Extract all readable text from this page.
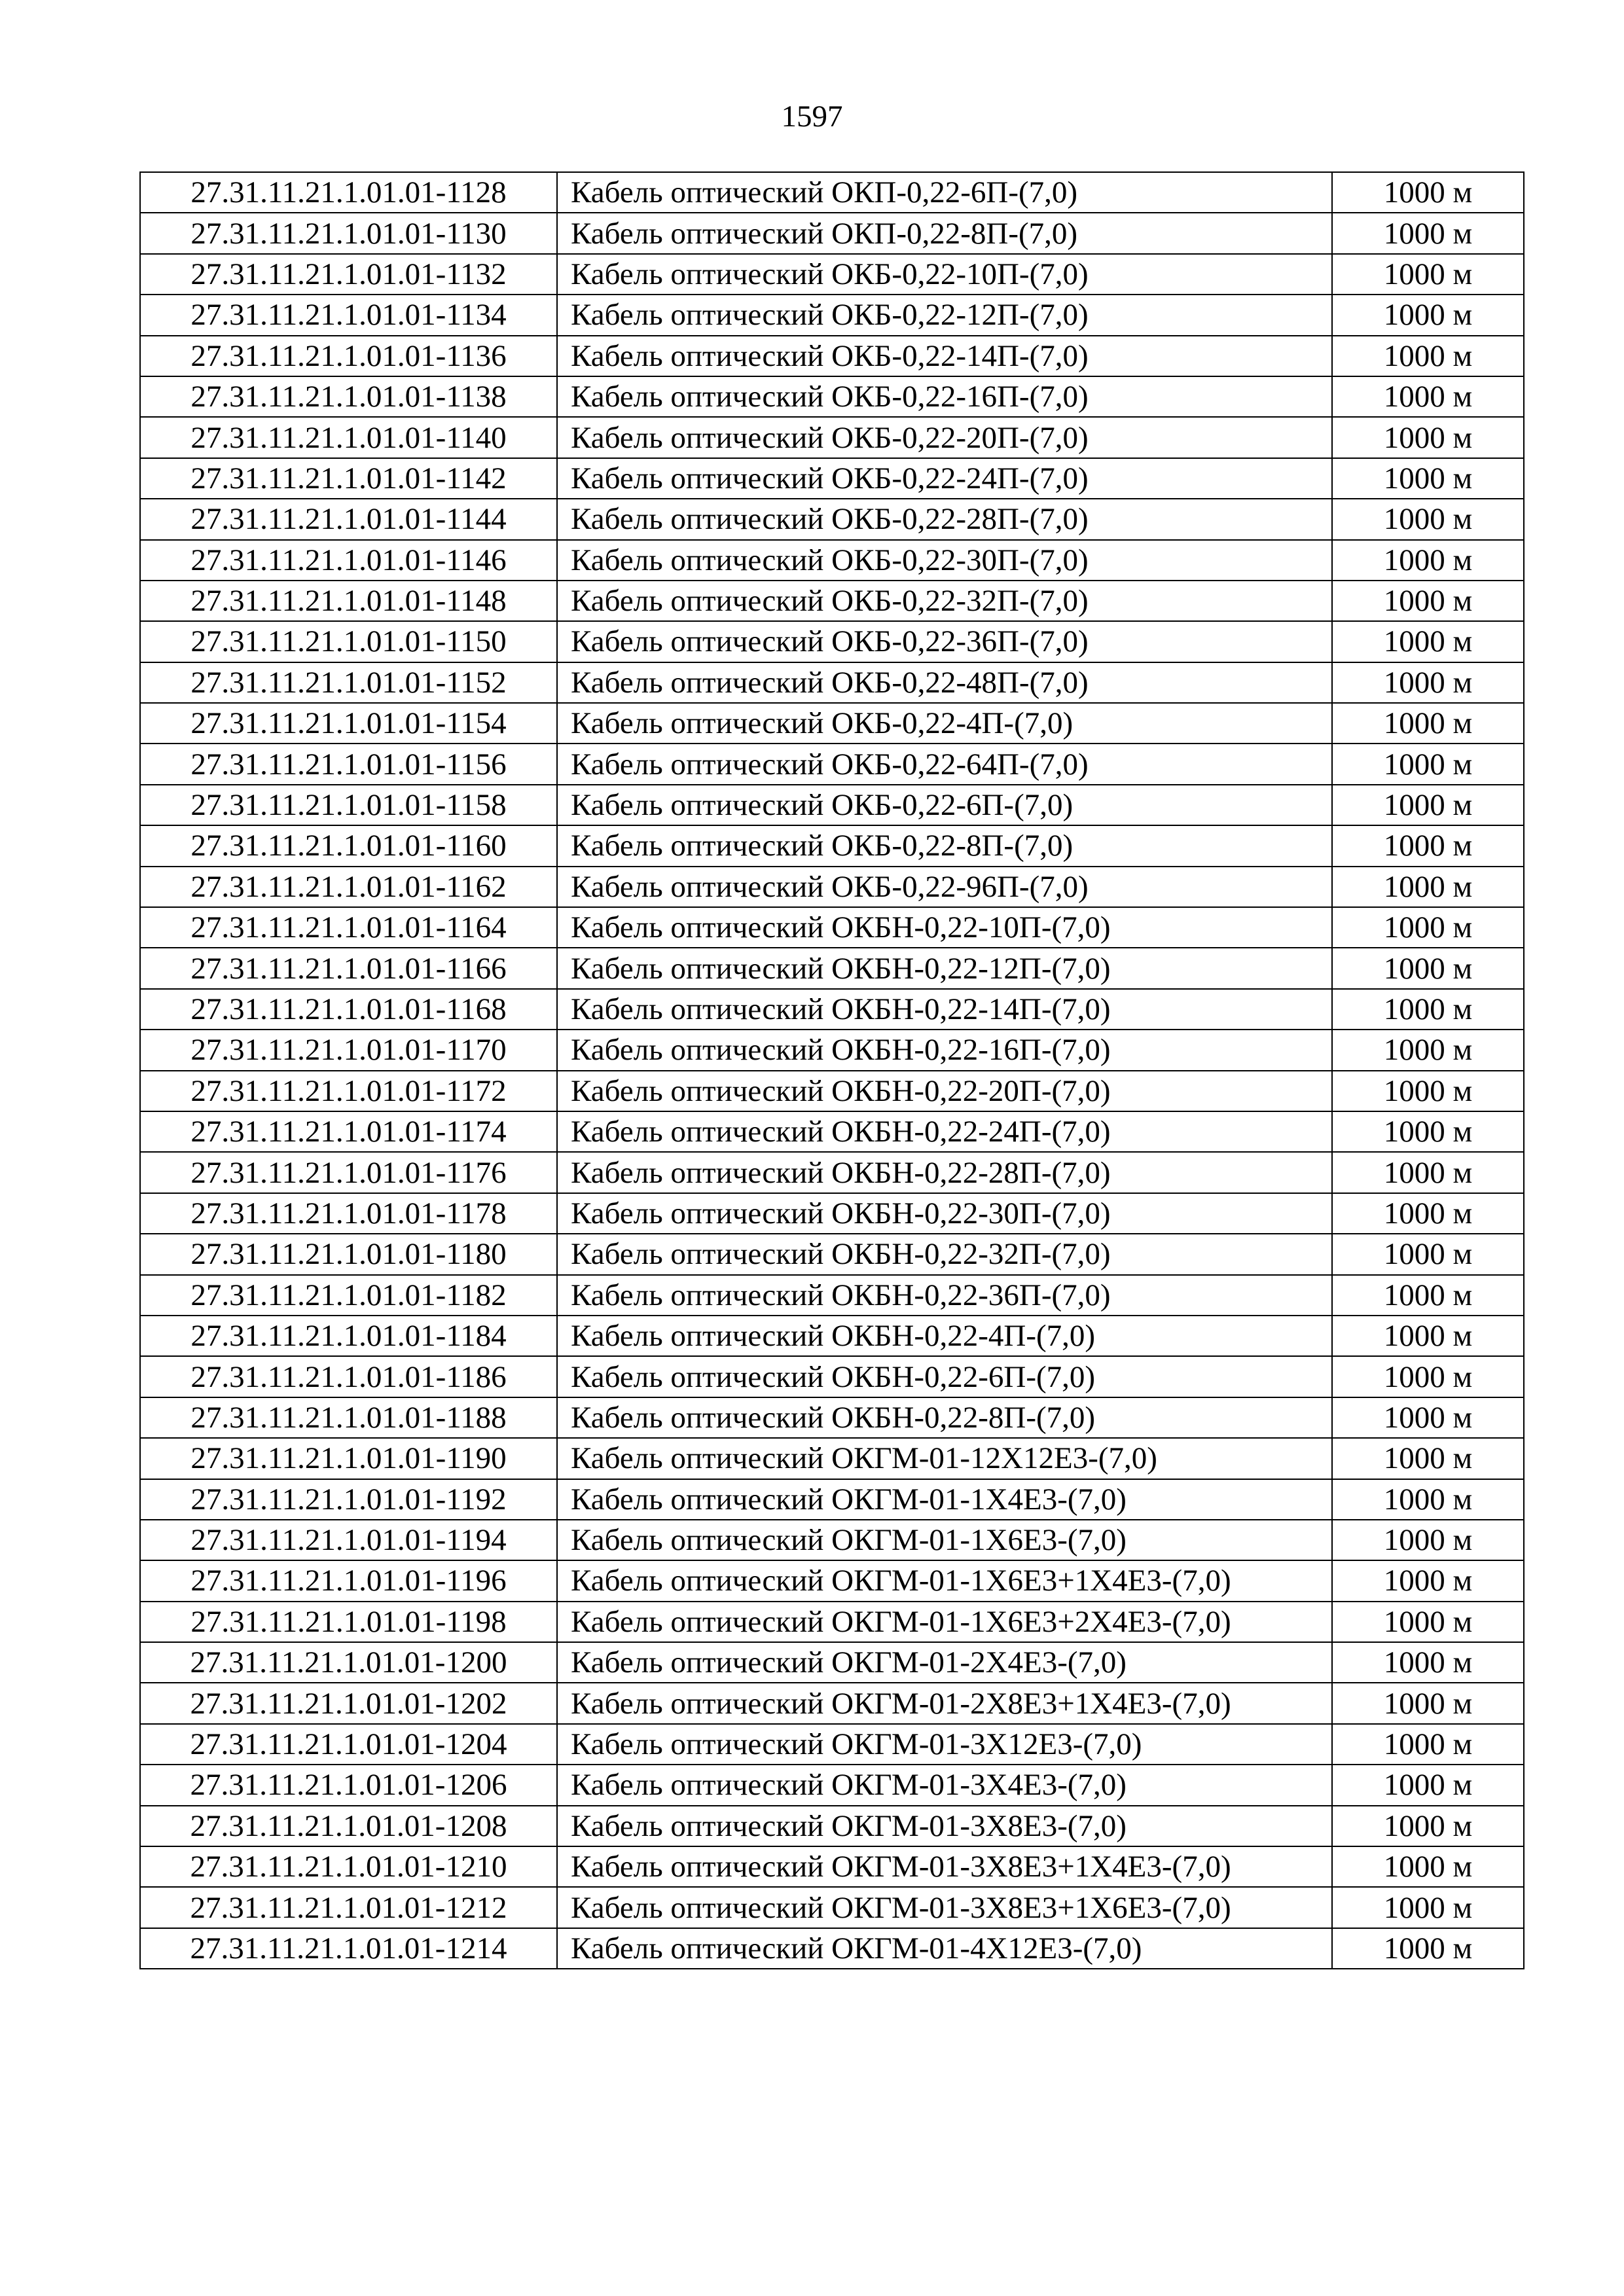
1597
27.31.11.21.1.01.01-1128	Кабель оптический ОКП-0,22-6П-(7,0)	1000 м
27.31.11.21.1.01.01-1130	Кабель оптический ОКП-0,22-8П-(7,0)	1000 м
27.31.11.21.1.01.01-1132	Кабель оптический ОКБ-0,22-10П-(7,0)	1000 м
27.31.11.21.1.01.01-1134	Кабель оптический ОКБ-0,22-12П-(7,0)	1000 м
27.31.11.21.1.01.01-1136	Кабель оптический ОКБ-0,22-14П-(7,0)	1000 м
27.31.11.21.1.01.01-1138	Кабель оптический ОКБ-0,22-16П-(7,0)	1000 м
27.31.11.21.1.01.01-1140	Кабель оптический ОКБ-0,22-20П-(7,0)	1000 м
27.31.11.21.1.01.01-1142	Кабель оптический ОКБ-0,22-24П-(7,0)	1000 м
27.31.11.21.1.01.01-1144	Кабель оптический ОКБ-0,22-28П-(7,0)	1000 м
27.31.11.21.1.01.01-1146	Кабель оптический ОКБ-0,22-30П-(7,0)	1000 м
27.31.11.21.1.01.01-1148	Кабель оптический ОКБ-0,22-32П-(7,0)	1000 м
27.31.11.21.1.01.01-1150	Кабель оптический ОКБ-0,22-36П-(7,0)	1000 м
27.31.11.21.1.01.01-1152	Кабель оптический ОКБ-0,22-48П-(7,0)	1000 м
27.31.11.21.1.01.01-1154	Кабель оптический ОКБ-0,22-4П-(7,0)	1000 м
27.31.11.21.1.01.01-1156	Кабель оптический ОКБ-0,22-64П-(7,0)	1000 м
27.31.11.21.1.01.01-1158	Кабель оптический ОКБ-0,22-6П-(7,0)	1000 м
27.31.11.21.1.01.01-1160	Кабель оптический ОКБ-0,22-8П-(7,0)	1000 м
27.31.11.21.1.01.01-1162	Кабель оптический ОКБ-0,22-96П-(7,0)	1000 м
27.31.11.21.1.01.01-1164	Кабель оптический ОКБН-0,22-10П-(7,0)	1000 м
27.31.11.21.1.01.01-1166	Кабель оптический ОКБН-0,22-12П-(7,0)	1000 м
27.31.11.21.1.01.01-1168	Кабель оптический ОКБН-0,22-14П-(7,0)	1000 м
27.31.11.21.1.01.01-1170	Кабель оптический ОКБН-0,22-16П-(7,0)	1000 м
27.31.11.21.1.01.01-1172	Кабель оптический ОКБН-0,22-20П-(7,0)	1000 м
27.31.11.21.1.01.01-1174	Кабель оптический ОКБН-0,22-24П-(7,0)	1000 м
27.31.11.21.1.01.01-1176	Кабель оптический ОКБН-0,22-28П-(7,0)	1000 м
27.31.11.21.1.01.01-1178	Кабель оптический ОКБН-0,22-30П-(7,0)	1000 м
27.31.11.21.1.01.01-1180	Кабель оптический ОКБН-0,22-32П-(7,0)	1000 м
27.31.11.21.1.01.01-1182	Кабель оптический ОКБН-0,22-36П-(7,0)	1000 м
27.31.11.21.1.01.01-1184	Кабель оптический ОКБН-0,22-4П-(7,0)	1000 м
27.31.11.21.1.01.01-1186	Кабель оптический ОКБН-0,22-6П-(7,0)	1000 м
27.31.11.21.1.01.01-1188	Кабель оптический ОКБН-0,22-8П-(7,0)	1000 м
27.31.11.21.1.01.01-1190	Кабель оптический ОКГМ-01-12Х12Е3-(7,0)	1000 м
27.31.11.21.1.01.01-1192	Кабель оптический ОКГМ-01-1Х4Е3-(7,0)	1000 м
27.31.11.21.1.01.01-1194	Кабель оптический ОКГМ-01-1Х6Е3-(7,0)	1000 м
27.31.11.21.1.01.01-1196	Кабель оптический ОКГМ-01-1Х6Е3+1Х4Е3-(7,0)	1000 м
27.31.11.21.1.01.01-1198	Кабель оптический ОКГМ-01-1Х6Е3+2Х4Е3-(7,0)	1000 м
27.31.11.21.1.01.01-1200	Кабель оптический ОКГМ-01-2Х4Е3-(7,0)	1000 м
27.31.11.21.1.01.01-1202	Кабель оптический ОКГМ-01-2Х8Е3+1Х4Е3-(7,0)	1000 м
27.31.11.21.1.01.01-1204	Кабель оптический ОКГМ-01-3Х12Е3-(7,0)	1000 м
27.31.11.21.1.01.01-1206	Кабель оптический ОКГМ-01-3Х4Е3-(7,0)	1000 м
27.31.11.21.1.01.01-1208	Кабель оптический ОКГМ-01-3Х8Е3-(7,0)	1000 м
27.31.11.21.1.01.01-1210	Кабель оптический ОКГМ-01-3Х8Е3+1Х4Е3-(7,0)	1000 м
27.31.11.21.1.01.01-1212	Кабель оптический ОКГМ-01-3Х8Е3+1Х6Е3-(7,0)	1000 м
27.31.11.21.1.01.01-1214	Кабель оптический ОКГМ-01-4Х12Е3-(7,0)	1000 м
